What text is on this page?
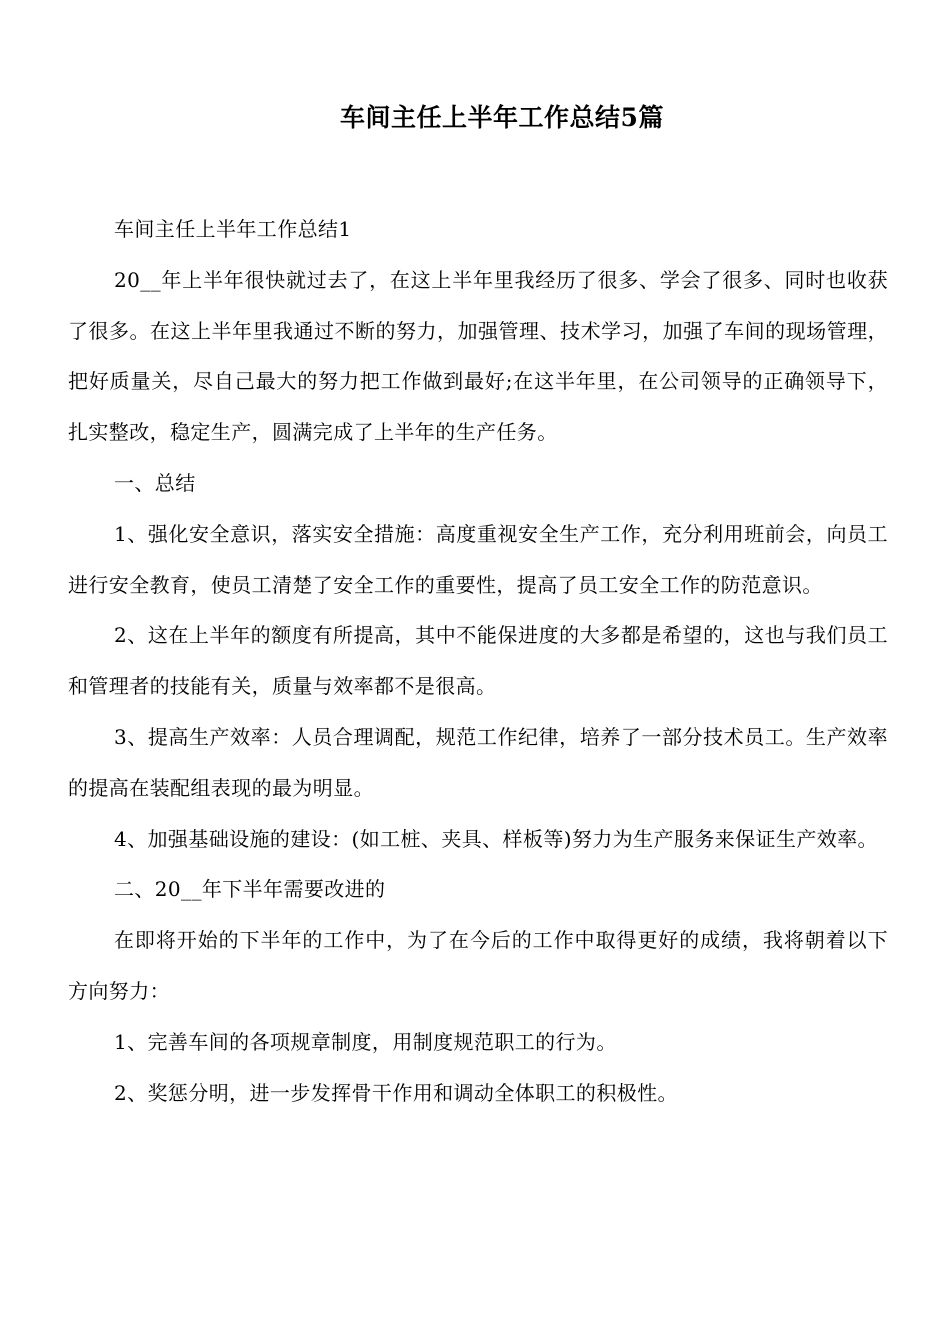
车间主任上半年工作总结5篇

车间主任上半年工作总结1

20__年上半年很快就过去了，在这上半年里我经历了很多、学会了很多、同时也收获了很多。在这上半年里我通过不断的努力，加强管理、技术学习，加强了车间的现场管理，把好质量关，尽自己最大的努力把工作做到最好;在这半年里，在公司领导的正确领导下，扎实整改，稳定生产，圆满完成了上半年的生产任务。

一、总结

1、强化安全意识，落实安全措施：高度重视安全生产工作，充分利用班前会，向员工进行安全教育，使员工清楚了安全工作的重要性，提高了员工安全工作的防范意识。

2、这在上半年的额度有所提高，其中不能保进度的大多都是希望的，这也与我们员工和管理者的技能有关，质量与效率都不是很高。

3、提高生产效率：人员合理调配，规范工作纪律，培养了一部分技术员工。生产效率的提高在装配组表现的最为明显。

4、加强基础设施的建设：(如工桩、夹具、样板等)努力为生产服务来保证生产效率。

二、20__年下半年需要改进的

在即将开始的下半年的工作中，为了在今后的工作中取得更好的成绩，我将朝着以下方向努力：

1、完善车间的各项规章制度，用制度规范职工的行为。

2、奖惩分明，进一步发挥骨干作用和调动全体职工的积极性。
